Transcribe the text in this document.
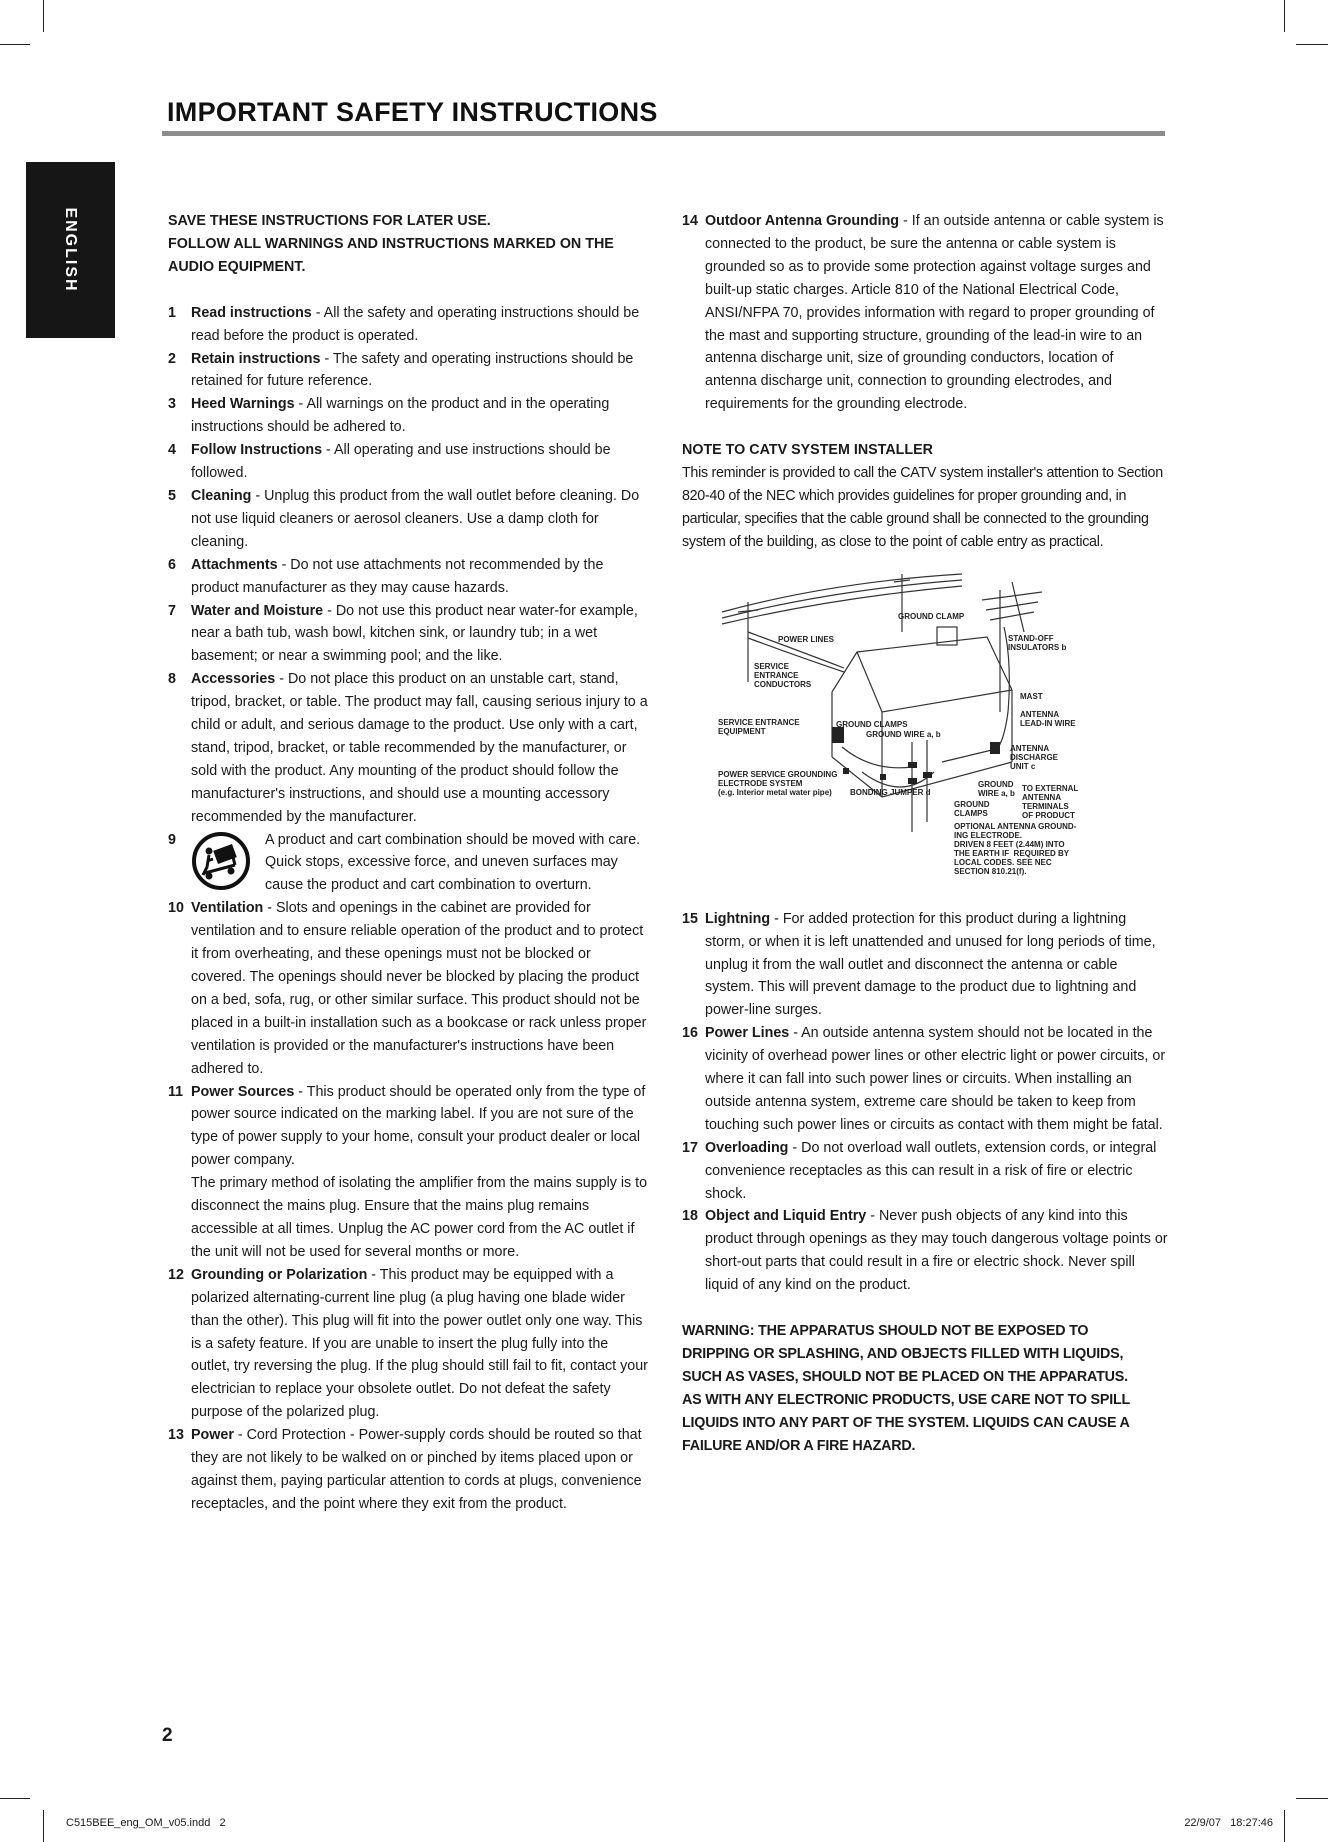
IMPORTANT SAFETY INSTRUCTIONS
ENGLISH	SAVE THESE INSTRUCTIONS FOR LATER USE.
FOLLOW ALL WARNINGS AND INSTRUCTIONS MARKED ON THE
AUDIO EQUIPMENT.
1	Read instructions - All the safety and operating instructions should be read before the product is operated.
2	Retain instructions - The safety and operating instructions should be retained for future reference.
3	Heed Warnings - All warnings on the product and in the operating instructions should be adhered to.
4	Follow Instructions - All operating and use instructions should be followed.
5	Cleaning - Unplug this product from the wall outlet before cleaning. Do not use liquid cleaners or aerosol cleaners. Use a damp cloth for cleaning.
6	Attachments - Do not use attachments not recommended by the product manufacturer as they may cause hazards.
7	Water and Moisture - Do not use this product near water-for example, near a bath tub, wash bowl, kitchen sink, or laundry tub; in a wet basement; or near a swimming pool; and the like.
8	Accessories - Do not place this product on an unstable cart, stand, tripod, bracket, or table. The product may fall, causing serious injury to a child or adult, and serious damage to the product. Use only with a cart, stand, tripod, bracket, or table recommended by the manufacturer, or sold with the product. Any mounting of the product should follow the manufacturer's instructions, and should use a mounting accessory recommended by the manufacturer.
9	A product and cart combination should be moved with care. Quick stops, excessive force, and uneven surfaces may cause the product and cart combination to overturn.
10 Ventilation - Slots and openings in the cabinet are provided for ventilation and to ensure reliable operation of the product and to protect it from overheating, and these openings must not be blocked or covered. The openings should never be blocked by placing the product on a bed, sofa, rug, or other similar surface. This product should not be placed in a built-in installation such as a bookcase or rack unless proper ventilation is provided or the manufacturer's instructions have been adhered to.
11 Power Sources - This product should be operated only from the type of power source indicated on the marking label. If you are not sure of the type of power supply to your home, consult your product dealer or local power company.
The primary method of isolating the amplifier from the mains supply is to disconnect the mains plug. Ensure that the mains plug remains accessible at all times. Unplug the AC power cord from the AC outlet if the unit will not be used for several months or more.
12 Grounding or Polarization - This product may be equipped with a polarized alternating-current line plug (a plug having one blade wider than the other). This plug will fit into the power outlet only one way. This is a safety feature. If you are unable to insert the plug fully into the outlet, try reversing the plug. If the plug should still fail to fit, contact your electrician to replace your obsolete outlet. Do not defeat the safety purpose of the polarized plug.
13 Power - Cord Protection - Power-supply cords should be routed so that they are not likely to be walked on or pinched by items placed upon or against them, paying particular attention to cords at plugs, convenience receptacles, and the point where they exit from the product.
14 Outdoor Antenna Grounding - If an outside antenna or cable system is connected to the product, be sure the antenna or cable system is grounded so as to provide some protection against voltage surges and built-up static charges. Article 810 of the National Electrical Code, ANSI/NFPA 70, provides information with regard to proper grounding of the mast and supporting structure, grounding of the lead-in wire to an antenna discharge unit, size of grounding conductors, location of antenna discharge unit, connection to grounding electrodes, and requirements for the grounding electrode.
NOTE TO CATV SYSTEM INSTALLER
This reminder is provided to call the CATV system installer's attention to Section 820-40 of the NEC which provides guidelines for proper grounding and, in particular, specifies that the cable ground shall be connected to the grounding system of the building, as close to the point of cable entry as practical.
GROUND CLAMP
POWER LINES	STAND-OFF
INSULATORS b
SERVICE
ENTRANCE
CONDUCTORS
MAST
ANTENNA
LEAD-IN WIRE
SERVICE ENTRANCE
EQUIPMENT
GROUND CLAMPS
GROUND WIRE a, b
ANTENNA
DISCHARGE
UNIT c
POWER SERVICE GROUNDING
ELECTRODE SYSTEM
(e.g. Interior metal water pipe)	BONDING JUMPER d
GROUND
WIRE a, b
TO EXTERNAL
ANTENNA
TERMINALS
OF PRODUCT
GROUND
CLAMPS
OPTIONAL ANTENNA GROUND-
ING ELECTRODE.
DRIVEN 8 FEET (2.44M) INTO
THE EARTH IF  REQUIRED BY
LOCAL CODES. SEE NEC
SECTION 810.21(f).
15 Lightning - For added protection for this product during a lightning storm, or when it is left unattended and unused for long periods of time, unplug it from the wall outlet and disconnect the antenna or cable system. This will prevent damage to the product due to lightning and power-line surges.
16 Power Lines - An outside antenna system should not be located in the vicinity of overhead power lines or other electric light or power circuits, or where it can fall into such power lines or circuits. When installing an outside antenna system, extreme care should be taken to keep from touching such power lines or circuits as contact with them might be fatal.
17 Overloading - Do not overload wall outlets, extension cords, or integral convenience receptacles as this can result in a risk of fire or electric shock.
18 Object and Liquid Entry - Never push objects of any kind into this product through openings as they may touch dangerous voltage points or short-out parts that could result in a fire or electric shock. Never spill liquid of any kind on the product.
WARNING: THE APPARATUS SHOULD NOT BE EXPOSED TO
DRIPPING OR SPLASHING, AND OBJECTS FILLED WITH LIQUIDS,
SUCH AS VASES, SHOULD NOT BE PLACED ON THE APPARATUS.
AS WITH ANY ELECTRONIC PRODUCTS, USE CARE NOT TO SPILL
LIQUIDS INTO ANY PART OF THE SYSTEM. LIQUIDS CAN CAUSE A
FAILURE AND/OR A FIRE HAZARD.
2
C515BEE_eng_OM_v05.indd   2	22/9/07   18:27:46
